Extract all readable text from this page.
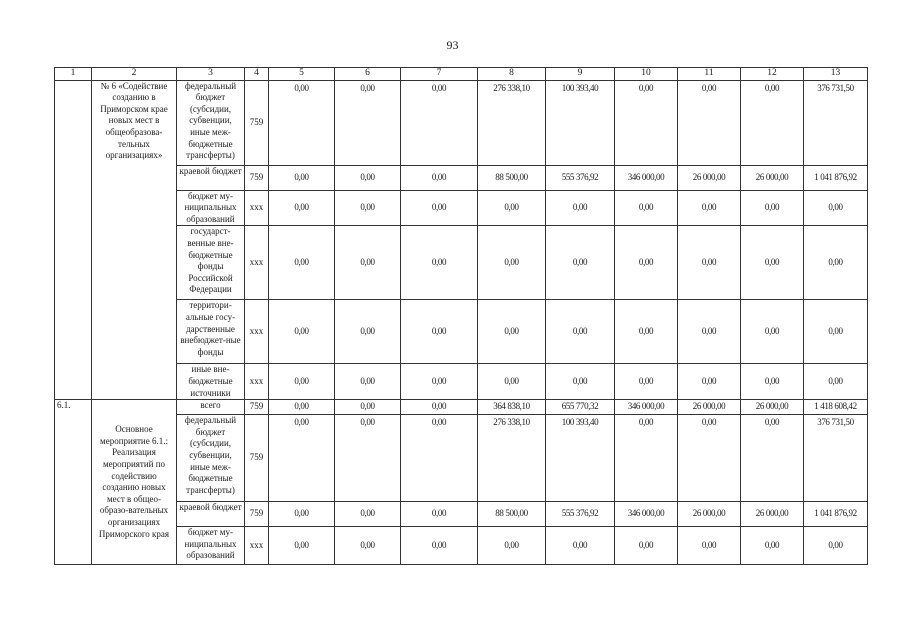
93
1	2	3	4	5	6	7	8	9	10	11	12	13
	№ 6 «Содействие созданию в Приморском крае новых мест в общеобразова-тельных организациях»	федеральный бюджет (субсидии, субвенции, иные меж-бюджетные трансферты)	759	0,00	0,00	0,00	276 338,10	100 393,40	0,00	0,00	0,00	376 731,50
		краевой бюджет	759	0,00	0,00	0,00	88 500,00	555 376,92	346 000,00	26 000,00	26 000,00	1 041 876,92
		бюджет му-ниципальных образований	ххх	0,00	0,00	0,00	0,00	0,00	0,00	0,00	0,00	0,00
		государст-венные вне-бюджетные фонды Российской Федерации	ххх	0,00	0,00	0,00	0,00	0,00	0,00	0,00	0,00	0,00
		территори-альные госу-дарственные внебюджет-ные фонды	ххх	0,00	0,00	0,00	0,00	0,00	0,00	0,00	0,00	0,00
		иные вне-бюджетные источники	ххх	0,00	0,00	0,00	0,00	0,00	0,00	0,00	0,00	0,00
6.1.	Основное мероприятие 6.1.: Реализация мероприятий по содействию созданию новых мест в общео-образо-вательных организациях Приморского края	всего	759	0,00	0,00	0,00	364 838,10	655 770,32	346 000,00	26 000,00	26 000,00	1 418 608,42
		федеральный бюджет (субсидии, субвенции, иные меж-бюджетные трансферты)	759	0,00	0,00	0,00	276 338,10	100 393,40	0,00	0,00	0,00	376 731,50
		краевой бюджет	759	0,00	0,00	0,00	88 500,00	555 376,92	346 000,00	26 000,00	26 000,00	1 041 876,92
		бюджет му-ниципальных образований	ххх	0,00	0,00	0,00	0,00	0,00	0,00	0,00	0,00	0,00
